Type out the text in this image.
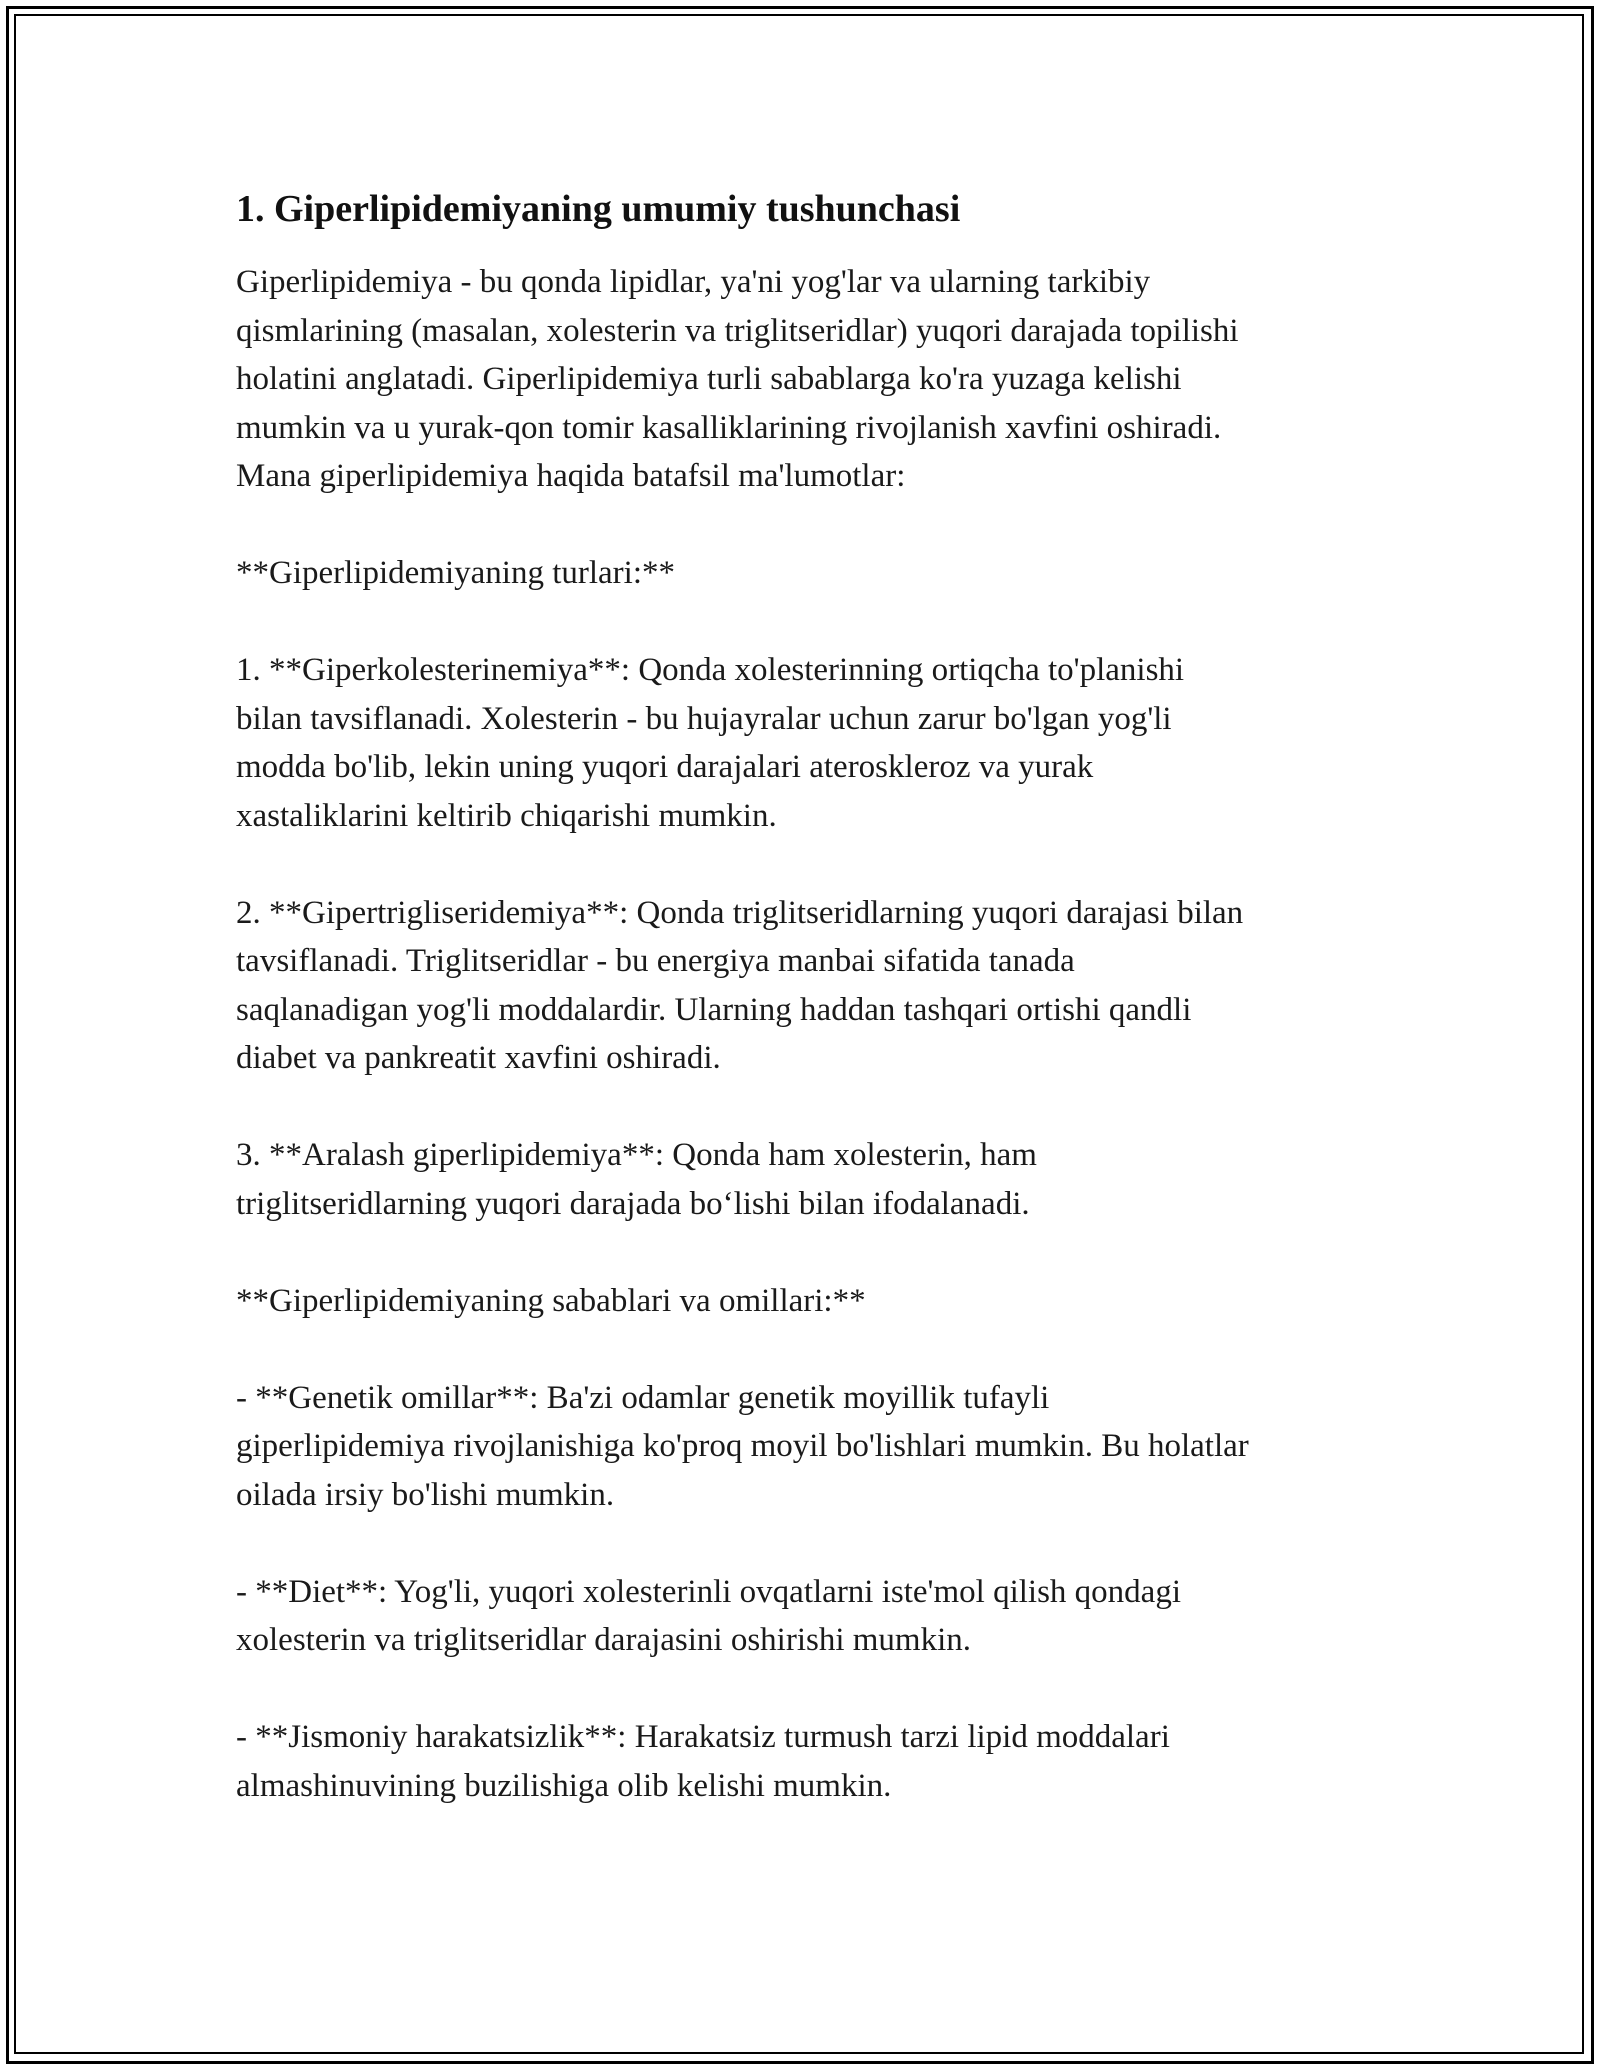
1. Giperlipidemiyaning umumiy tushunchasi

Giperlipidemiya - bu qonda lipidlar, ya'ni yog'lar va ularning tarkibiy
qismlarining (masalan, xolesterin va triglitseridlar) yuqori darajada topilishi
holatini anglatadi. Giperlipidemiya turli sabablarga ko'ra yuzaga kelishi
mumkin va u yurak-qon tomir kasalliklarining rivojlanish xavfini oshiradi.
Mana giperlipidemiya haqida batafsil ma'lumotlar:

**Giperlipidemiyaning turlari:**

1. **Giperkolesterinemiya**: Qonda xolesterinning ortiqcha to'planishi
bilan tavsiflanadi. Xolesterin - bu hujayralar uchun zarur bo'lgan yog'li
modda bo'lib, lekin uning yuqori darajalari ateroskleroz va yurak
xastaliklarini keltirib chiqarishi mumkin.

2. **Gipertrigliseridemiya**: Qonda triglitseridlarning yuqori darajasi bilan
tavsiflanadi. Triglitseridlar - bu energiya manbai sifatida tanada
saqlanadigan yog'li moddalardir. Ularning haddan tashqari ortishi qandli
diabet va pankreatit xavfini oshiradi.

3. **Aralash giperlipidemiya**: Qonda ham xolesterin, ham
triglitseridlarning yuqori darajada bo‘lishi bilan ifodalanadi.

**Giperlipidemiyaning sabablari va omillari:**

- **Genetik omillar**: Ba'zi odamlar genetik moyillik tufayli
giperlipidemiya rivojlanishiga ko'proq moyil bo'lishlari mumkin. Bu holatlar
oilada irsiy bo'lishi mumkin.

- **Diet**: Yog'li, yuqori xolesterinli ovqatlarni iste'mol qilish qondagi
xolesterin va triglitseridlar darajasini oshirishi mumkin.

- **Jismoniy harakatsizlik**: Harakatsiz turmush tarzi lipid moddalari
almashinuvining buzilishiga olib kelishi mumkin.
